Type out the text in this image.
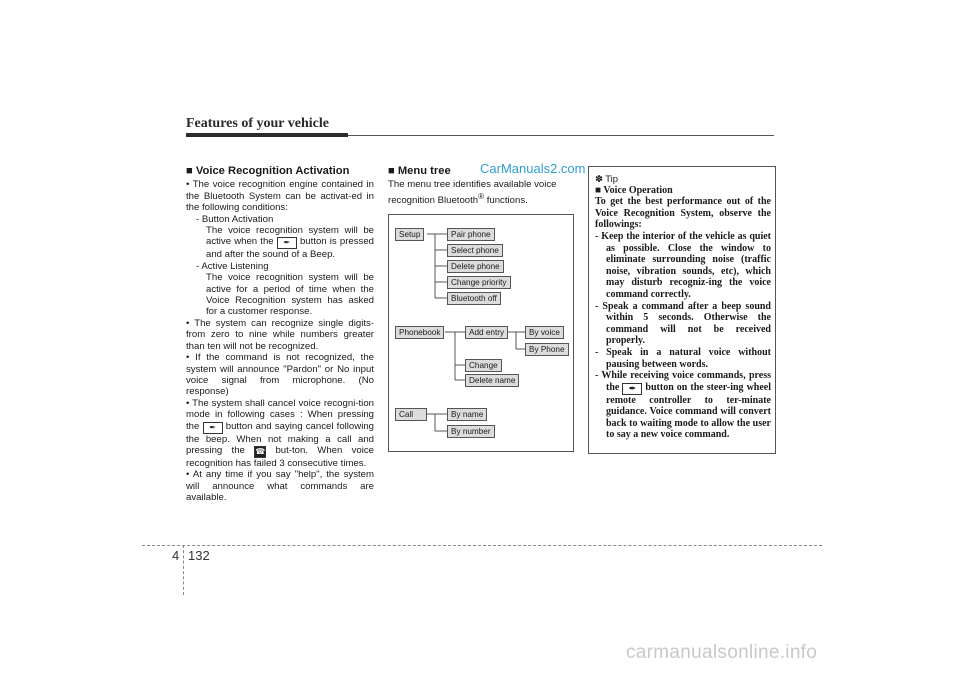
Features of your vehicle
CarManuals2.com
■ Voice Recognition Activation
• The voice recognition engine contained in the Bluetooth System can be activat-ed in the following conditions:
- Button Activation
The voice recognition system will be active when the ✒ button is pressed and after the sound of a Beep.
- Active Listening
The voice recognition system will be active for a period of time when the Voice Recognition system has asked for a customer response.
• The system can recognize single digits- from zero to nine while numbers greater than ten will not be recognized.
• If the command is not recognized, the system will announce "Pardon" or No input voice signal from microphone. (No response)
• The system shall cancel voice recogni-tion mode in following cases : When pressing the ✒ button and saying cancel following the beep. When not making a call and pressing the ☎ but-ton. When voice recognition has failed 3 consecutive times.
• At any time if you say "help", the system will announce what commands are available.
■ Menu tree
The menu tree identifies available voice recognition Bluetooth® functions.
Setup	Pair phone
Select phone
Delete phone
Change priority
Bluetooth off
Phonebook	Add entry	By voice
By Phone
Change
Delete name
Call	By name
By number
✽ Tip
■ Voice Operation
To get the best performance out of the Voice Recognition System, observe the followings:
- Keep the interior of the vehicle as quiet as possible. Close the window to eliminate surrounding noise (traffic noise, vibration sounds, etc), which may disturb recogniz-ing the voice command correctly.
- Speak a command after a beep sound within 5 seconds. Otherwise the command will not be received properly.
- Speak in a natural voice without pausing between words.
- While receiving voice commands, press the ✒ button on the steer-ing wheel remote controller to ter-minate guidance. Voice command will convert back to waiting mode to allow the user to say a new voice command.
4 132
carmanualsonline.info
